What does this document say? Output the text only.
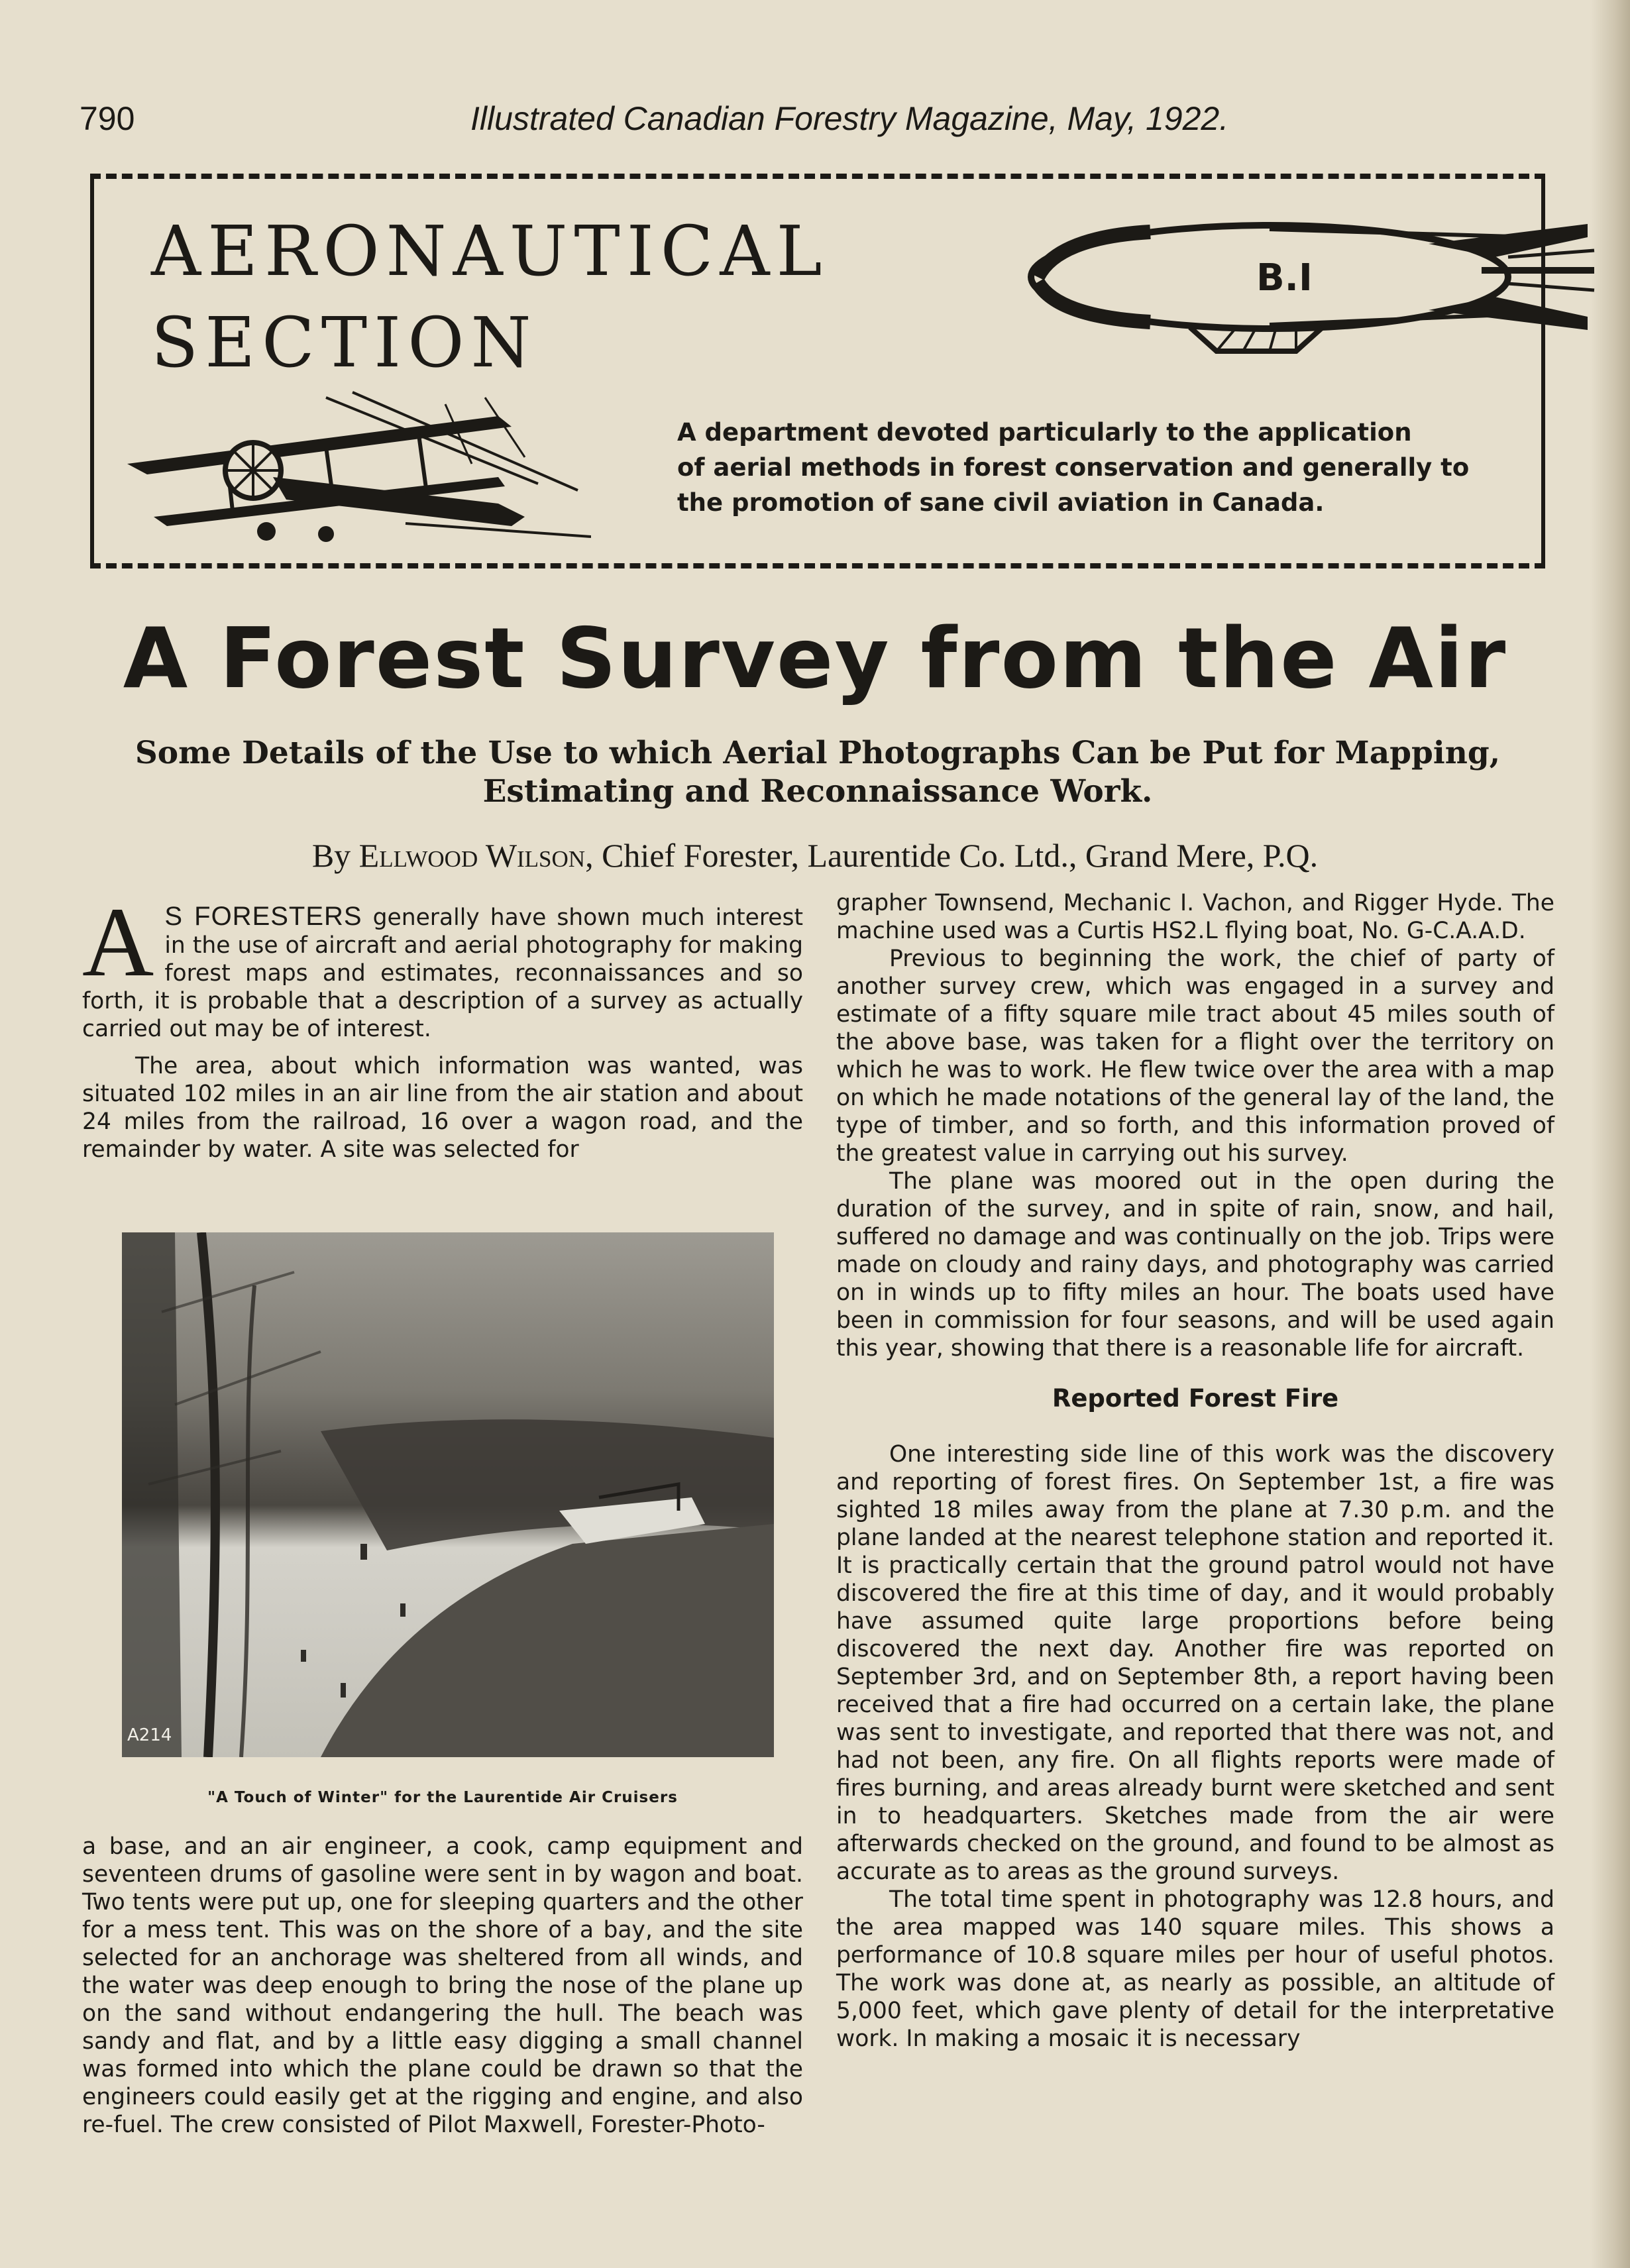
790	Illustrated Canadian Forestry Magazine, May, 1922.
AERONAUTICAL
SECTION
B.I
A department devoted particularly to the application
of aerial methods in forest conservation and generally to
the promotion of sane civil aviation in Canada.
A Forest Survey from the Air
Some Details of the Use to which Aerial Photographs Can be Put for Mapping,
Estimating and Reconnaissance Work.
By Ellwood Wilson, Chief Forester, Laurentide Co. Ltd., Grand Mere, P.Q.

A S FORESTERS generally have shown much interest in the use of aircraft and aerial photography for making forest maps and estimates, reconnaissances and so forth, it is probable that a description of a survey as actually carried out may be of interest.

The area, about which information was wanted, was situated 102 miles in an air line from the air station and about 24 miles from the railroad, 16 over a wagon road, and the remainder by water. A site was selected for

A214
"A Touch of Winter" for the Laurentide Air Cruisers

a base, and an air engineer, a cook, camp equipment and seventeen drums of gasoline were sent in by wagon and boat. Two tents were put up, one for sleeping quarters and the other for a mess tent. This was on the shore of a bay, and the site selected for an anchorage was sheltered from all winds, and the water was deep enough to bring the nose of the plane up on the sand without endangering the hull. The beach was sandy and flat, and by a little easy digging a small channel was formed into which the plane could be drawn so that the engineers could easily get at the rigging and engine, and also re-fuel. The crew consisted of Pilot Maxwell, Forester-Photo-

grapher Townsend, Mechanic I. Vachon, and Rigger Hyde. The machine used was a Curtis HS2.L flying boat, No. G-C.A.A.D.

Previous to beginning the work, the chief of party of another survey crew, which was engaged in a survey and estimate of a fifty square mile tract about 45 miles south of the above base, was taken for a flight over the territory on which he was to work. He flew twice over the area with a map on which he made notations of the general lay of the land, the type of timber, and so forth, and this information proved of the greatest value in carrying out his survey.

The plane was moored out in the open during the duration of the survey, and in spite of rain, snow, and hail, suffered no damage and was continually on the job. Trips were made on cloudy and rainy days, and photography was carried on in winds up to fifty miles an hour. The boats used have been in commission for four seasons, and will be used again this year, showing that there is a reasonable life for aircraft.

Reported Forest Fire

One interesting side line of this work was the discovery and reporting of forest fires. On September 1st, a fire was sighted 18 miles away from the plane at 7.30 p.m. and the plane landed at the nearest telephone station and reported it. It is practically certain that the ground patrol would not have discovered the fire at this time of day, and it would probably have assumed quite large proportions before being discovered the next day. Another fire was reported on September 3rd, and on September 8th, a report having been received that a fire had occurred on a certain lake, the plane was sent to investigate, and reported that there was not, and had not been, any fire. On all flights reports were made of fires burning, and areas already burnt were sketched and sent in to headquarters. Sketches made from the air were afterwards checked on the ground, and found to be almost as accurate as to areas as the ground surveys.

The total time spent in photography was 12.8 hours, and the area mapped was 140 square miles. This shows a performance of 10.8 square miles per hour of useful photos. The work was done at, as nearly as possible, an altitude of 5,000 feet, which gave plenty of detail for the interpretative work. In making a mosaic it is necessary
